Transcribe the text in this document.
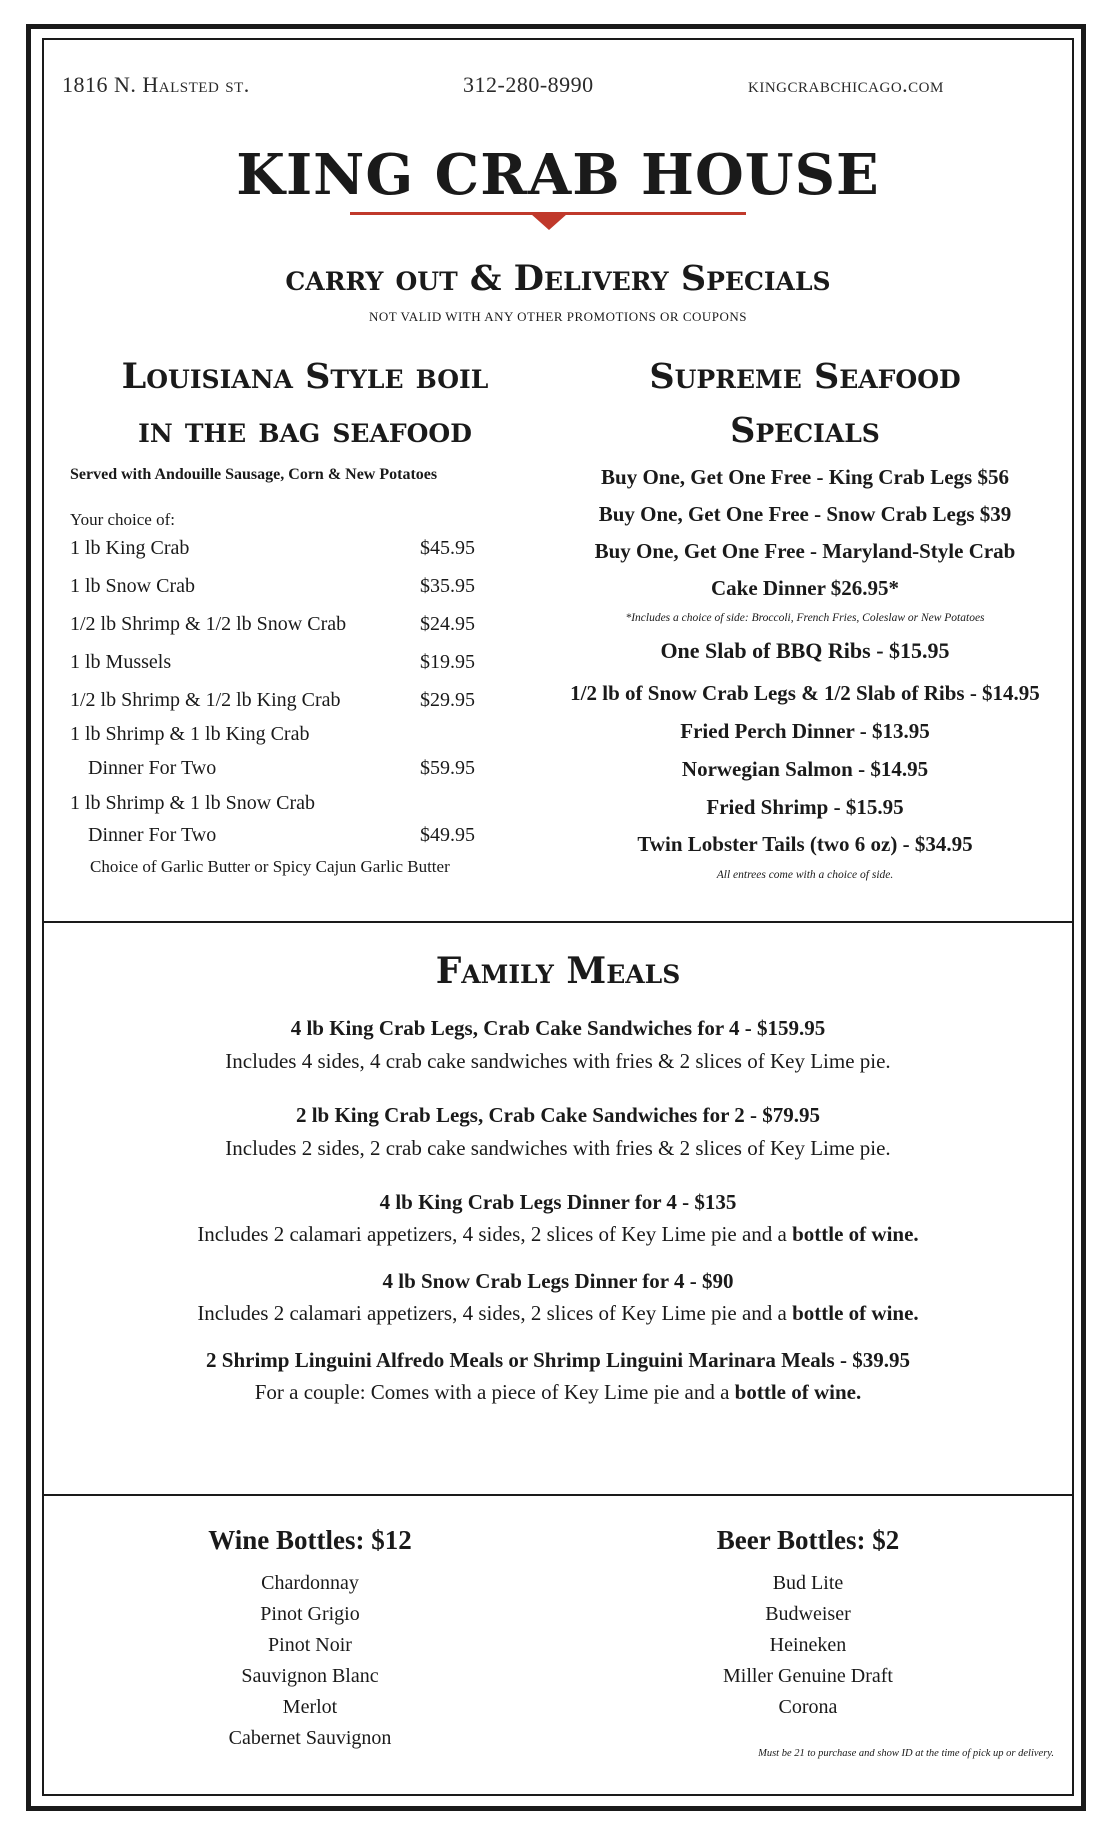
1816 N. Halsted st.	312-280-8990	kingcrabchicago.com
KING CRAB HOUSE
carry out & Delivery Specials
NOT VALID WITH ANY OTHER PROMOTIONS OR COUPONS
Louisiana Style boil
in the bag seafood
Served with Andouille Sausage, Corn & New Potatoes
Your choice of:
1 lb King Crab	$45.95
1 lb Snow Crab	$35.95
1/2 lb Shrimp & 1/2 lb Snow Crab	$24.95
1 lb Mussels	$19.95
1/2 lb Shrimp & 1/2 lb King Crab	$29.95
1 lb Shrimp & 1 lb King Crab
Dinner For Two	$59.95
1 lb Shrimp & 1 lb Snow Crab
Dinner For Two	$49.95
Choice of Garlic Butter or Spicy Cajun Garlic Butter
Supreme Seafood
Specials
Buy One, Get One Free - King Crab Legs $56
Buy One, Get One Free - Snow Crab Legs $39
Buy One, Get One Free - Maryland-Style Crab
Cake Dinner $26.95*
*Includes a choice of side: Broccoli, French Fries, Coleslaw or New Potatoes
One Slab of BBQ Ribs - $15.95
1/2 lb of Snow Crab Legs & 1/2 Slab of Ribs - $14.95
Fried Perch Dinner - $13.95
Norwegian Salmon - $14.95
Fried Shrimp - $15.95
Twin Lobster Tails (two 6 oz) - $34.95
All entrees come with a choice of side.
Family Meals
4 lb King Crab Legs, Crab Cake Sandwiches for 4 - $159.95
Includes 4 sides, 4 crab cake sandwiches with fries & 2 slices of Key Lime pie.
2 lb King Crab Legs, Crab Cake Sandwiches for 2 - $79.95
Includes 2 sides, 2 crab cake sandwiches with fries & 2 slices of Key Lime pie.
4 lb King Crab Legs Dinner for 4 - $135
Includes 2 calamari appetizers, 4 sides, 2 slices of Key Lime pie and a bottle of wine.
4 lb Snow Crab Legs Dinner for 4 - $90
Includes 2 calamari appetizers, 4 sides, 2 slices of Key Lime pie and a bottle of wine.
2 Shrimp Linguini Alfredo Meals or Shrimp Linguini Marinara Meals - $39.95
For a couple: Comes with a piece of Key Lime pie and a bottle of wine.
Wine Bottles: $12
Chardonnay
Pinot Grigio
Pinot Noir
Sauvignon Blanc
Merlot
Cabernet Sauvignon
Beer Bottles: $2
Bud Lite
Budweiser
Heineken
Miller Genuine Draft
Corona
Must be 21 to purchase and show ID at the time of pick up or delivery.
